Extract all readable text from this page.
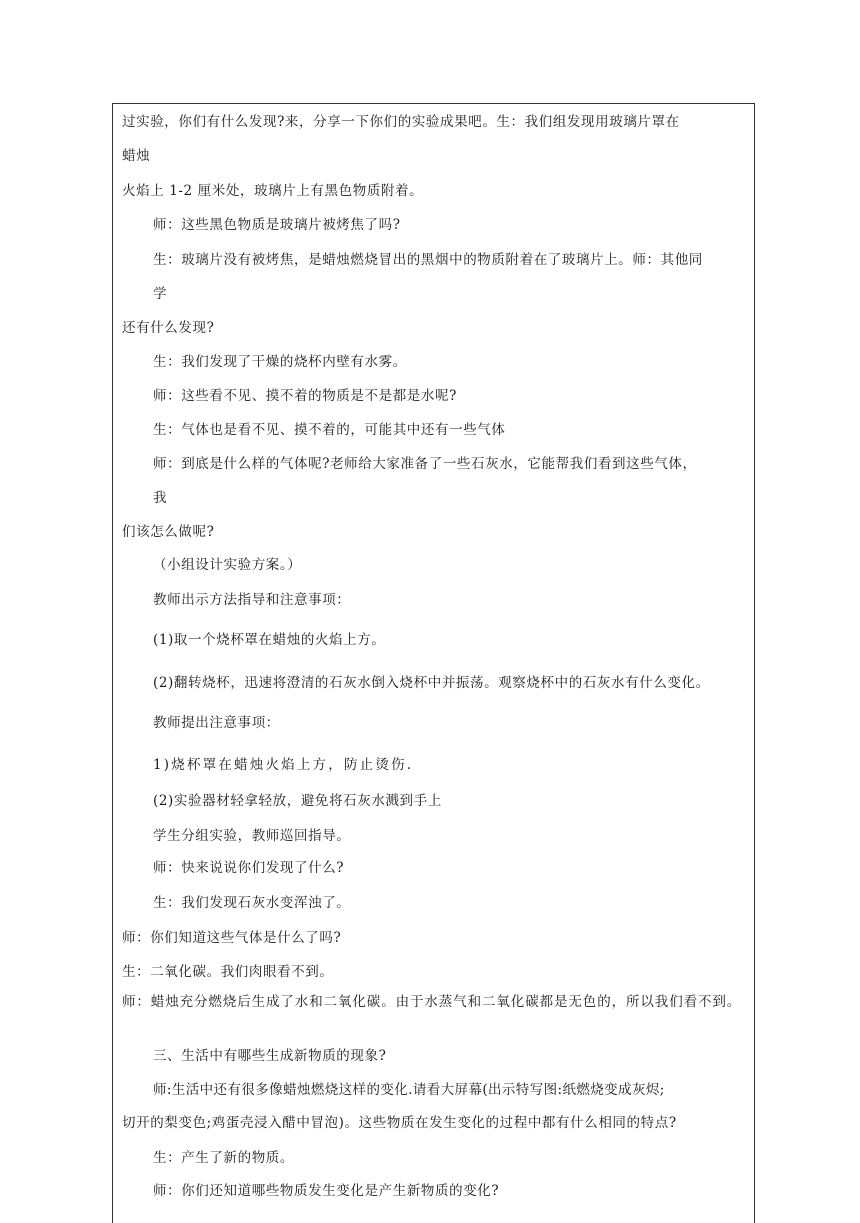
过实验，你们有什么发现?来，分享一下你们的实验成果吧。生：我们组发现用玻璃片罩在
蜡烛
火焰上 1-2 厘米处，玻璃片上有黑色物质附着。
师：这些黑色物质是玻璃片被烤焦了吗?
生：玻璃片没有被烤焦，是蜡烛燃烧冒出的黑烟中的物质附着在了玻璃片上。师：其他同
学
还有什么发现?
生：我们发现了干燥的烧杯内壁有水雾。
师：这些看不见、摸不着的物质是不是都是水呢?
生：气体也是看不见、摸不着的，可能其中还有一些气体
师：到底是什么样的气体呢?老师给大家准备了一些石灰水，它能帮我们看到这些气体，
我
们该怎么做呢?
（小组设计实验方案。）
教师出示方法指导和注意事项：
(1)取一个烧杯罩在蜡烛的火焰上方。
(2)翻转烧杯，迅速将澄清的石灰水倒入烧杯中并振荡。观察烧杯中的石灰水有什么变化。
教师提出注意事项：
1)烧杯罩在蜡烛火焰上方，防止烫伤.
(2)实验器材轻拿轻放，避免将石灰水溅到手上
学生分组实验，教师巡回指导。
师：快来说说你们发现了什么?
生：我们发现石灰水变浑浊了。
师：你们知道这些气体是什么了吗?
生：二氧化碳。我们肉眼看不到。
师：蜡烛充分燃烧后生成了水和二氧化碳。由于水蒸气和二氧化碳都是无色的，所以我们看不到。
三、生活中有哪些生成新物质的现象?
师:生活中还有很多像蜡烛燃烧这样的变化.请看大屏幕(出示特写图:纸燃烧变成灰烬;
切开的梨变色;鸡蛋壳浸入醋中冒泡)。这些物质在发生变化的过程中都有什么相同的特点?
生：产生了新的物质。
师：你们还知道哪些物质发生变化是产生新物质的变化?
